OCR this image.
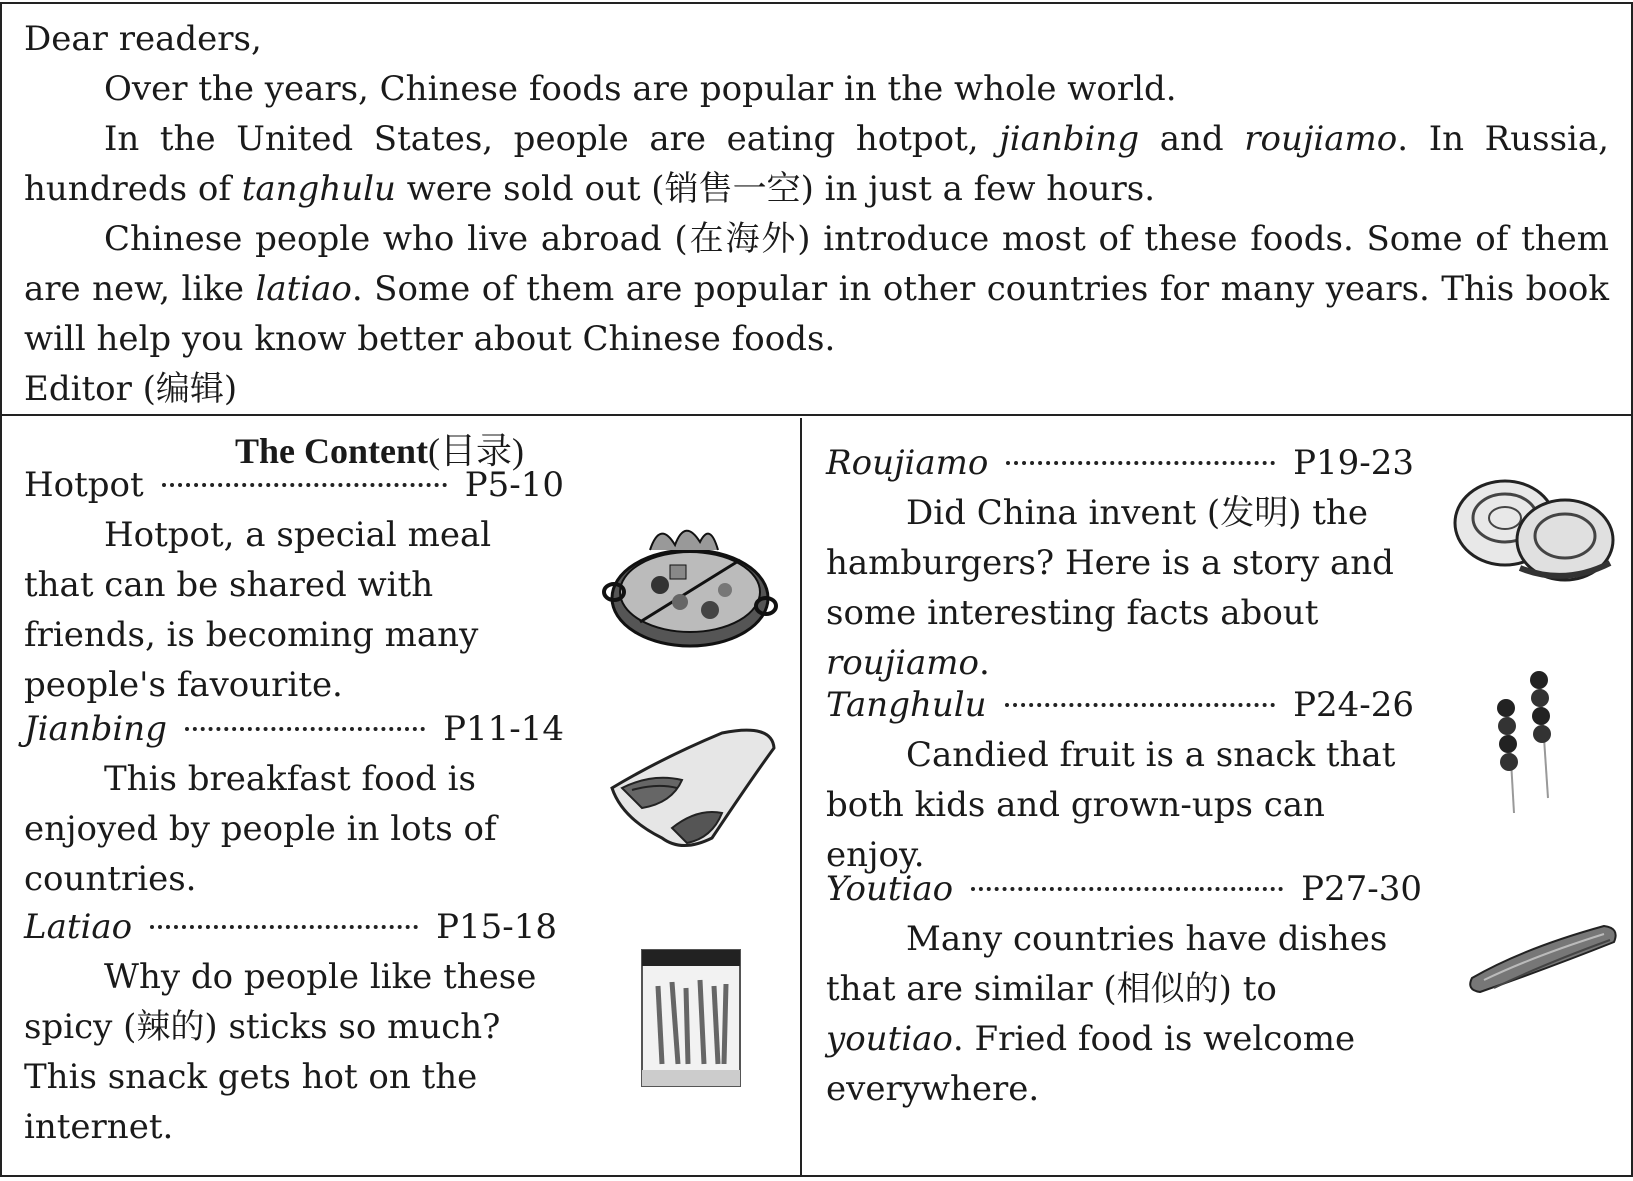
Dear readers,

Over the years, Chinese foods are popular in the whole world.

In the United States, people are eating hotpot, jianbing and roujiamo. In Russia, hundreds of tanghulu were sold out (销售一空) in just a few hours.

Chinese people who live abroad (在海外) introduce most of these foods. Some of them are new, like latiao. Some of them are popular in other countries for many years. This book will help you know better about Chinese foods.

Editor (编辑)

The Content(目录)
Hotpot	P5-10

Hotpot, a special meal that can be shared with friends, is becoming many people's favourite.

Jianbing	P11-14

This breakfast food is enjoyed by people in lots of countries.

Latiao	P15-18

Why do people like these spicy (辣的) sticks so much? This snack gets hot on the internet.

Roujiamo	P19-23

Did China invent (发明) the hamburgers? Here is a story and some interesting facts about roujiamo.

Tanghulu	P24-26

Candied fruit is a snack that both kids and grown-ups can enjoy.

Youtiao	P27-30

Many countries have dishes that are similar (相似的) to youtiao. Fried food is welcome everywhere.
